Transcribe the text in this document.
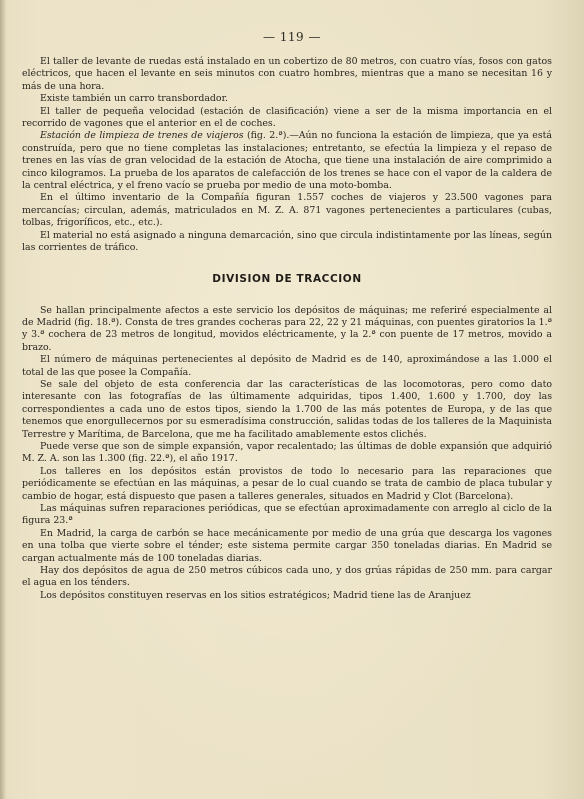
— 119 —

El taller de levante de ruedas está instalado en un cobertizo de 80 metros, con cuatro vías, fosos con gatos eléctricos, que hacen el levante en seis minutos con cuatro hombres, mientras que a mano se necesitan 16 y más de una hora.

Existe también un carro transbordador.

El taller de pequeña velocidad (estación de clasificación) viene a ser de la misma importancia en el recorrido de vagones que el anterior en el de coches.

Estación de limpieza de trenes de viajeros (fig. 2.ª).—Aún no funciona la estación de limpieza, que ya está construída, pero que no tiene completas las instalaciones; entretanto, se efectúa la limpieza y el repaso de trenes en las vías de gran velocidad de la estación de Atocha, que tiene una instalación de aire comprimido a cinco kilogramos. La prueba de los aparatos de calefacción de los trenes se hace con el vapor de la caldera de la central eléctrica, y el freno vacío se prueba por medio de una moto-bomba.

En el último inventario de la Compañía figuran 1.557 coches de viajeros y 23.500 vagones para mercancías; circulan, además, matriculados en M. Z. A. 871 vagones pertenecientes a particulares (cubas, tolbas, frigoríficos, etc., etc.).

El material no está asignado a ninguna demarcación, sino que circula indistintamente por las líneas, según las corrientes de tráfico.

DIVISION DE TRACCION

Se hallan principalmente afectos a este servicio los depósitos de máquinas; me referiré especialmente al de Madrid (fig. 18.ª). Consta de tres grandes cocheras para 22, 22 y 21 máquinas, con puentes giratorios la 1.ª y 3.ª cochera de 23 metros de longitud, movidos eléctricamente, y la 2.ª con puente de 17 metros, movido a brazo.

El número de máquinas pertenecientes al depósito de Madrid es de 140, aproximándose a las 1.000 el total de las que posee la Compañía.

Se sale del objeto de esta conferencia dar las características de las locomotoras, pero como dato interesante con las fotografías de las últimamente adquiridas, tipos 1.400, 1.600 y 1.700, doy las correspondientes a cada uno de estos tipos, siendo la 1.700 de las más potentes de Europa, y de las que tenemos que enorgullecernos por su esmeradísima construcción, salidas todas de los talleres de la Maquinista Terrestre y Marítima, de Barcelona, que me ha facilitado amablemente estos clichés.

Puede verse que son de simple expansión, vapor recalentado; las últimas de doble expansión que adquirió M. Z. A. son las 1.300 (fig. 22.ª), el año 1917.

Los talleres en los depósitos están provistos de todo lo necesario para las reparaciones que periódicamente se efectúan en las máquinas, a pesar de lo cual cuando se trata de cambio de placa tubular y cambio de hogar, está dispuesto que pasen a talleres generales, situados en Madrid y Clot (Barcelona).

Las máquinas sufren reparaciones periódicas, que se efectúan aproximadamente con arreglo al ciclo de la figura 23.ª

En Madrid, la carga de carbón se hace mecánicamente por medio de una grúa que descarga los vagones en una tolba que vierte sobre el ténder; este sistema permite cargar 350 toneladas diarias. En Madrid se cargan actualmente más de 100 toneladas diarias.

Hay dos depósitos de agua de 250 metros cúbicos cada uno, y dos grúas rápidas de 250 mm. para cargar el agua en los ténders.

Los depósitos constituyen reservas en los sitios estratégicos; Madrid tiene las de Aranjuez
